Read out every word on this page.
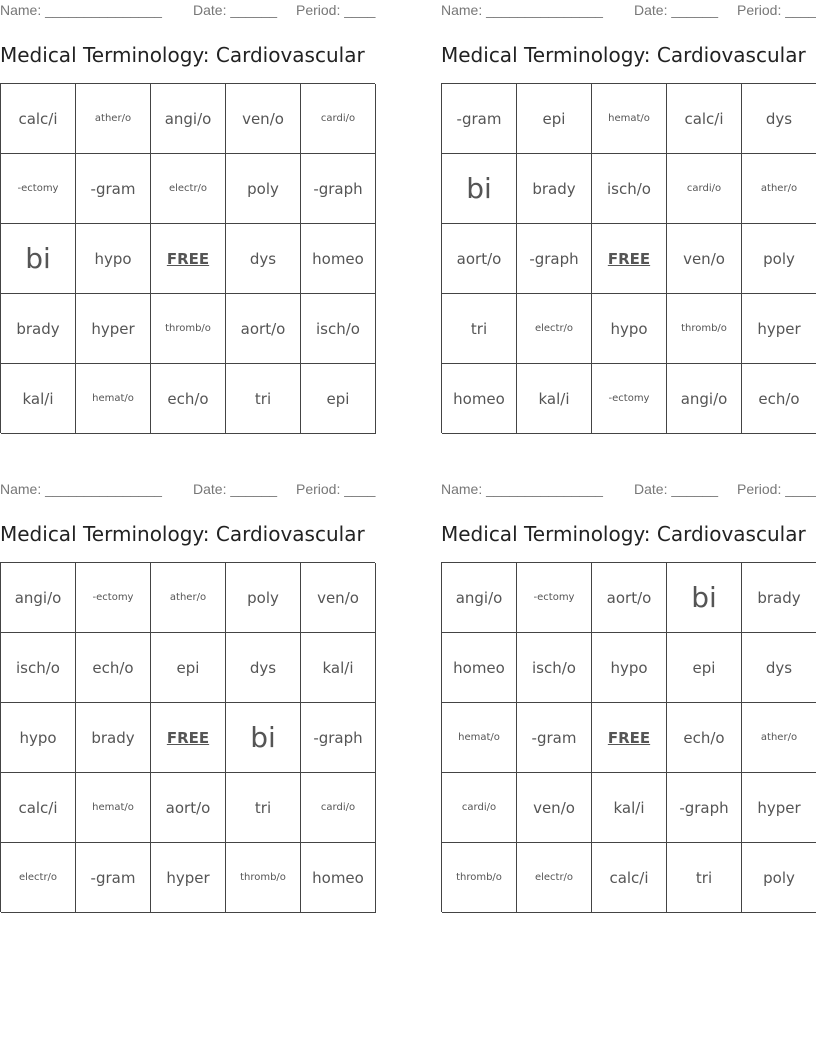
Name: _______________ Date: ______ Period: ____
Medical Terminology: Cardiovascular
calc/i	ather/o	angi/o	ven/o	cardi/o
-ectomy	-gram	electr/o	poly	-graph
bi	hypo	FREE	dys	homeo
brady	hyper	thromb/o	aort/o	isch/o
kal/i	hemat/o	ech/o	tri	epi
Name: _______________ Date: ______ Period: ____
Medical Terminology: Cardiovascular
-gram	epi	hemat/o	calc/i	dys
bi	brady	isch/o	cardi/o	ather/o
aort/o	-graph	FREE	ven/o	poly
tri	electr/o	hypo	thromb/o	hyper
homeo	kal/i	-ectomy	angi/o	ech/o
Name: _______________ Date: ______ Period: ____
Medical Terminology: Cardiovascular
angi/o	-ectomy	ather/o	poly	ven/o
isch/o	ech/o	epi	dys	kal/i
hypo	brady	FREE	bi	-graph
calc/i	hemat/o	aort/o	tri	cardi/o
electr/o	-gram	hyper	thromb/o	homeo
Name: _______________ Date: ______ Period: ____
Medical Terminology: Cardiovascular
angi/o	-ectomy	aort/o	bi	brady
homeo	isch/o	hypo	epi	dys
hemat/o	-gram	FREE	ech/o	ather/o
cardi/o	ven/o	kal/i	-graph	hyper
thromb/o	electr/o	calc/i	tri	poly
